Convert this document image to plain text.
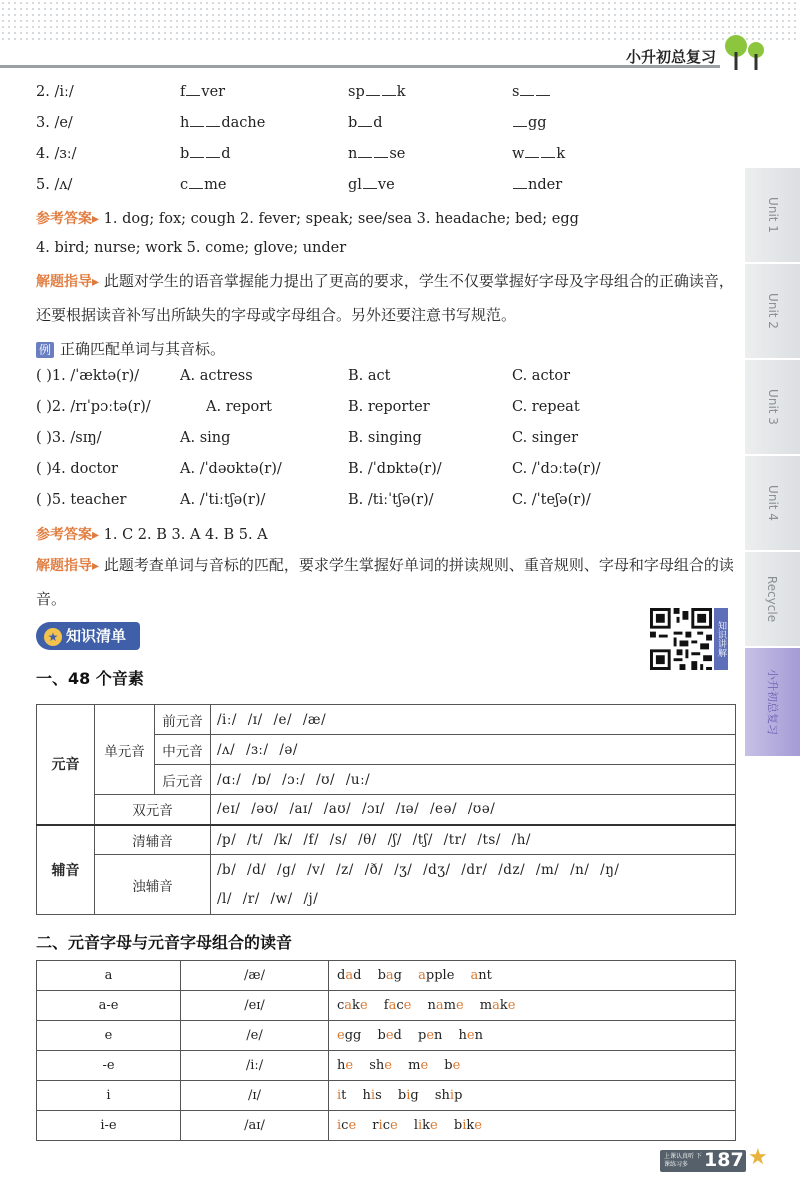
小升初总复习
Unit 1
Unit 2
Unit 3
Unit 4
Recycle
小升初总复习
2. /iː/	f ver	sp k	s
3. /e/	h dache	b d	gg
4. /ɜː/	b d	n se	w k
5. /ʌ/	c me	gl ve	nder
参考答案▸ 1. dog; fox; cough 2. fever; speak; see/sea 3. headache; bed; egg
4. bird; nurse; work 5. come; glove; under
解题指导▸ 此题对学生的语音掌握能力提出了更高的要求，学生不仅要掌握好字母及字母组合的正确读音，还要根据读音补写出所缺失的字母或字母组合。另外还要注意书写规范。
例 正确匹配单词与其音标。
( )1. /ˈæktə(r)/	A. actress	B. act	C. actor
( )2. /rɪˈpɔːtə(r)/	A. report	B. reporter	C. repeat
( )3. /sɪŋ/	A. sing	B. singing	C. singer
( )4. doctor	A. /ˈdəʊktə(r)/	B. /ˈdɒktə(r)/	C. /ˈdɔːtə(r)/
( )5. teacher	A. /ˈtiːtʃə(r)/	B. /tiːˈtʃə(r)/	C. /ˈteʃə(r)/
参考答案▸ 1. C 2. B 3. A 4. B 5. A
解题指导▸ 此题考查单词与音标的匹配，要求学生掌握好单词的拼读规则、重音规则、字母和字母组合的读音。
★ 知识清单	知识讲解
一、48 个音素
元音	单元音	前元音	/iː/ /ɪ/ /e/ /æ/
		中元音	/ʌ/ /ɜː/ /ə/
		后元音	/ɑː/ /ɒ/ /ɔː/ /ʊ/ /uː/
	双元音		/eɪ/ /əʊ/ /aɪ/ /aʊ/ /ɔɪ/ /ɪə/ /eə/ /ʊə/
辅音	清辅音		/p/ /t/ /k/ /f/ /s/ /θ/ /ʃ/ /tʃ/ /tr/ /ts/ /h/
	浊辅音		/b/ /d/ /g/ /v/ /z/ /ð/ /ʒ/ /dʒ/ /dr/ /dz/ /m/ /n/ /ŋ/
			/l/ /r/ /w/ /j/
二、元音字母与元音字母组合的读音
a	/æ/	dad bag apple ant
a-e	/eɪ/	cake face name make
e	/e/	egg bed pen hen
-e	/iː/	he she me be
i	/ɪ/	it his big ship
i-e	/aɪ/	ice rice like bike
上课认真听 下课练习多 187 ★
